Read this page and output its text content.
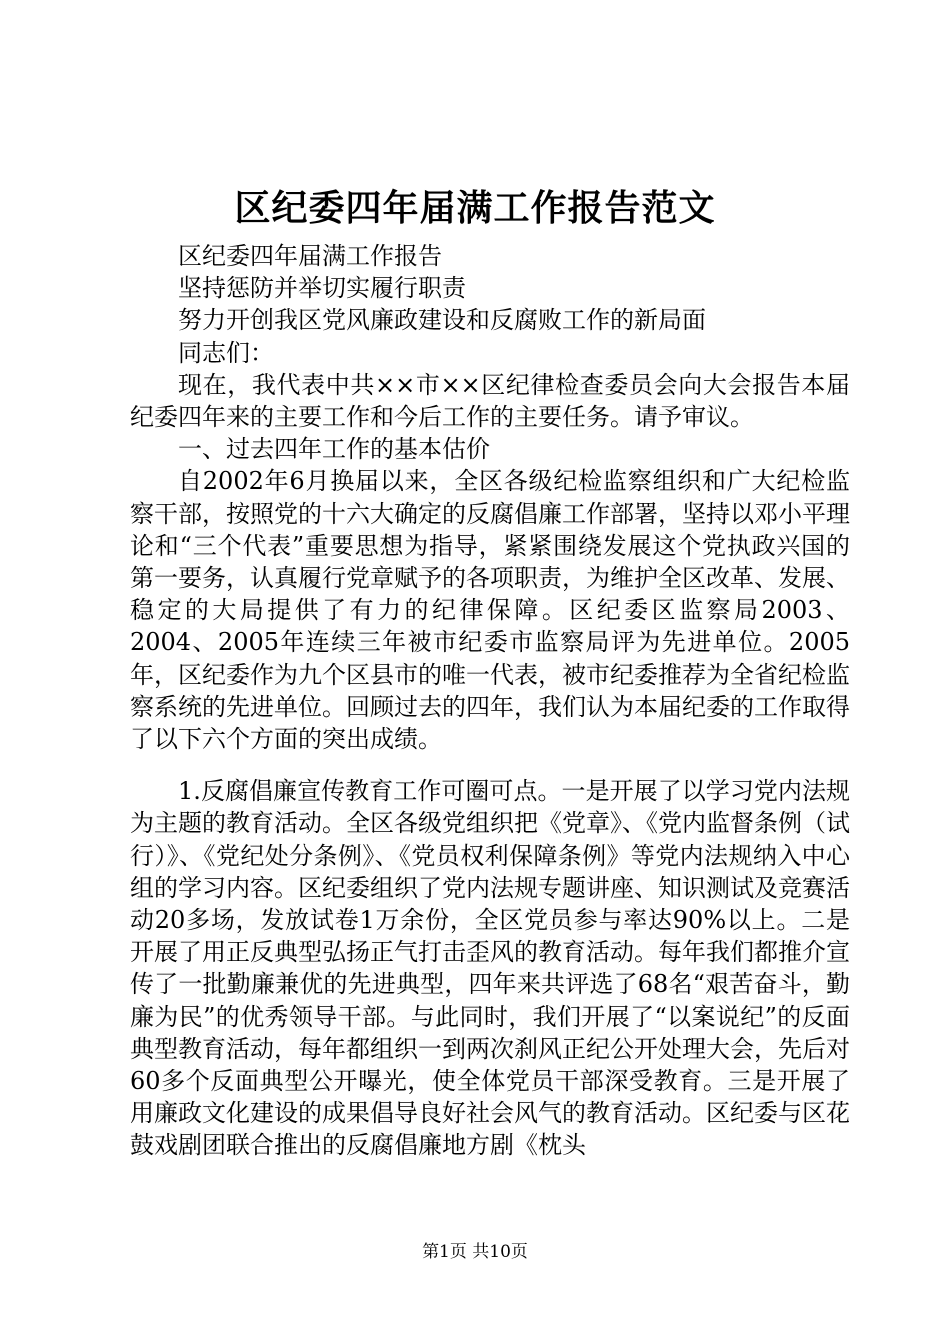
区纪委四年届满工作报告范文

区纪委四年届满工作报告

坚持惩防并举切实履行职责

努力开创我区党风廉政建设和反腐败工作的新局面

同志们：

现在，我代表中共××市××区纪律检查委员会向大会报告本届纪委四年来的主要工作和今后工作的主要任务。请予审议。

一、过去四年工作的基本估价

自2002年6月换届以来，全区各级纪检监察组织和广大纪检监察干部，按照党的十六大确定的反腐倡廉工作部署，坚持以邓小平理论和“三个代表”重要思想为指导，紧紧围绕发展这个党执政兴国的第一要务，认真履行党章赋予的各项职责，为维护全区改革、发展、稳定的大局提供了有力的纪律保障。区纪委区监察局2003、2004、2005年连续三年被市纪委市监察局评为先进单位。2005年，区纪委作为九个区县市的唯一代表，被市纪委推荐为全省纪检监察系统的先进单位。回顾过去的四年，我们认为本届纪委的工作取得了以下六个方面的突出成绩。

1.反腐倡廉宣传教育工作可圈可点。一是开展了以学习党内法规为主题的教育活动。全区各级党组织把《党章》、《党内监督条例（试行）》、《党纪处分条例》、《党员权利保障条例》等党内法规纳入中心组的学习内容。区纪委组织了党内法规专题讲座、知识测试及竞赛活动20多场，发放试卷1万余份，全区党员参与率达90%以上。二是开展了用正反典型弘扬正气打击歪风的教育活动。每年我们都推介宣传了一批勤廉兼优的先进典型，四年来共评选了68名“艰苦奋斗，勤廉为民”的优秀领导干部。与此同时，我们开展了“以案说纪”的反面典型教育活动，每年都组织一到两次刹风正纪公开处理大会，先后对60多个反面典型公开曝光，使全体党员干部深受教育。三是开展了用廉政文化建设的成果倡导良好社会风气的教育活动。区纪委与区花鼓戏剧团联合推出的反腐倡廉地方剧《枕头

第1页 共10页
